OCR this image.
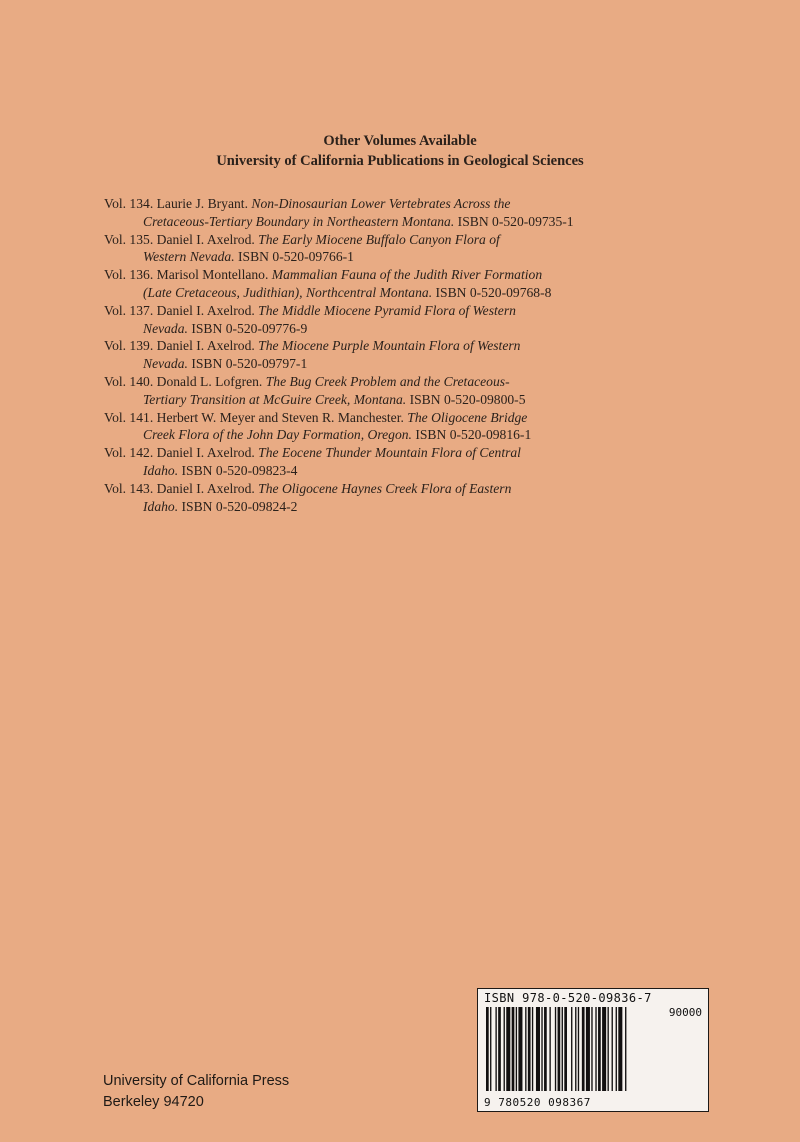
Other Volumes Available
University of California Publications in Geological Sciences
Vol. 134. Laurie J. Bryant. Non-Dinosaurian Lower Vertebrates Across the
Cretaceous-Tertiary Boundary in Northeastern Montana. ISBN 0-520-09735-1
Vol. 135. Daniel I. Axelrod. The Early Miocene Buffalo Canyon Flora of
Western Nevada. ISBN 0-520-09766-1
Vol. 136. Marisol Montellano. Mammalian Fauna of the Judith River Formation
(Late Cretaceous, Judithian), Northcentral Montana. ISBN 0-520-09768-8
Vol. 137. Daniel I. Axelrod. The Middle Miocene Pyramid Flora of Western
Nevada. ISBN 0-520-09776-9
Vol. 139. Daniel I. Axelrod. The Miocene Purple Mountain Flora of Western
Nevada. ISBN 0-520-09797-1
Vol. 140. Donald L. Lofgren. The Bug Creek Problem and the Cretaceous-
Tertiary Transition at McGuire Creek, Montana. ISBN 0-520-09800-5
Vol. 141. Herbert W. Meyer and Steven R. Manchester. The Oligocene Bridge
Creek Flora of the John Day Formation, Oregon. ISBN 0-520-09816-1
Vol. 142. Daniel I. Axelrod. The Eocene Thunder Mountain Flora of Central
Idaho. ISBN 0-520-09823-4
Vol. 143. Daniel I. Axelrod. The Oligocene Haynes Creek Flora of Eastern
Idaho. ISBN 0-520-09824-2
ISBN 978-0-520-09836-7
90000
9 780520 098367
University of California Press
Berkeley 94720
